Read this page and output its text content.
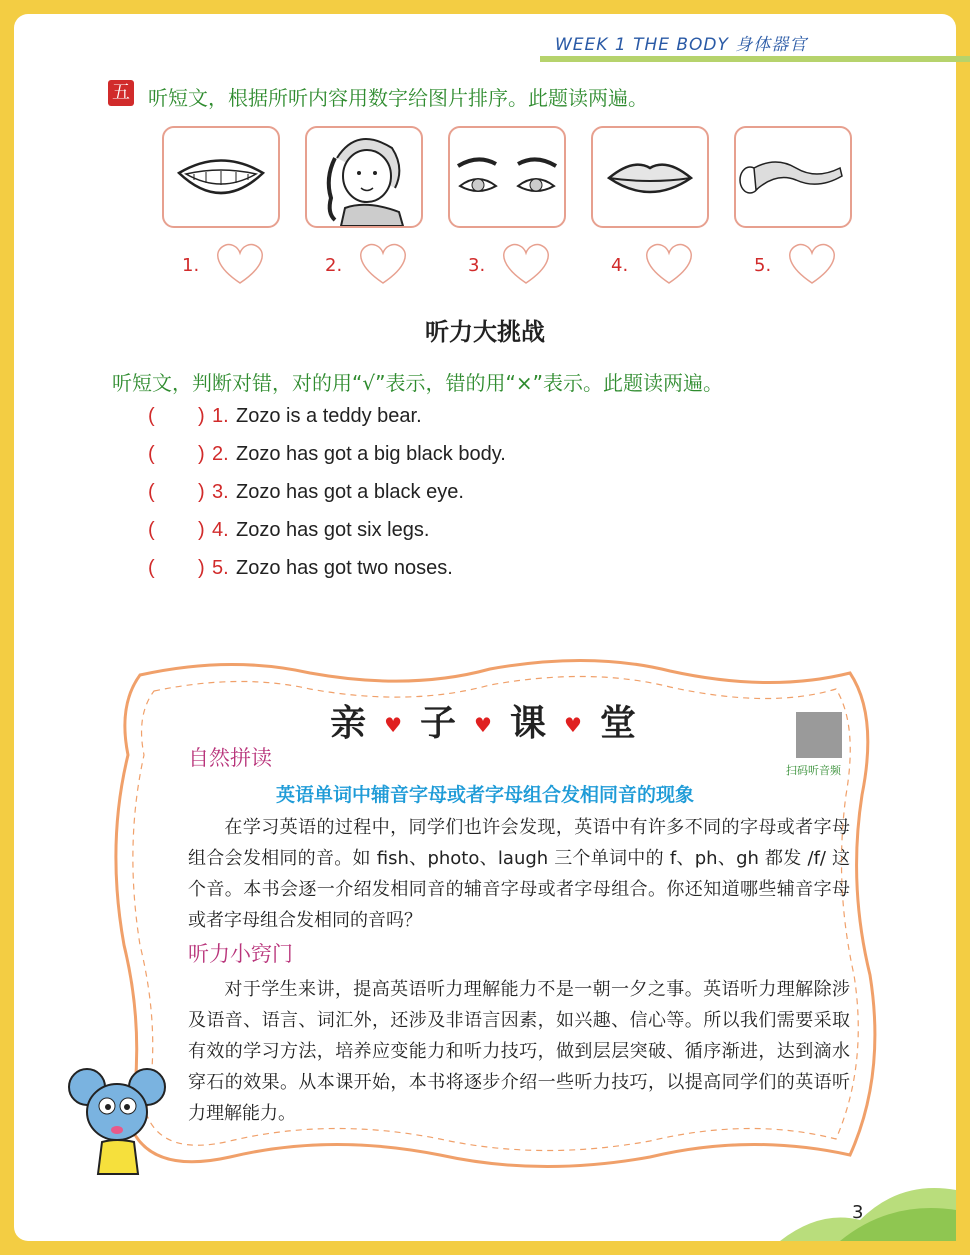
WEEK 1 THE BODY 身体器官
五 听短文，根据所听内容用数字给图片排序。此题读两遍。
1.	2.	3.	4.	5.
听力大挑战
听短文，判断对错，对的用“√”表示，错的用“×”表示。此题读两遍。
( ) 1. Zozo is a teddy bear.
( ) 2. Zozo has got a big black body.
( ) 3. Zozo has got a black eye.
( ) 4. Zozo has got six legs.
( ) 5. Zozo has got two noses.
亲 ♥ 子 ♥ 课 ♥ 堂
扫码听音频
自然拼读
英语单词中辅音字母或者字母组合发相同音的现象
在学习英语的过程中，同学们也许会发现，英语中有许多不同的字母或者字母组合会发相同的音。如 fish、photo、laugh 三个单词中的 f、ph、gh 都发 /f/ 这个音。本书会逐一介绍发相同音的辅音字母或者字母组合。你还知道哪些辅音字母或者字母组合发相同的音吗？
听力小窍门
对于学生来讲，提高英语听力理解能力不是一朝一夕之事。英语听力理解除涉及语音、语言、词汇外，还涉及非语言因素，如兴趣、信心等。所以我们需要采取有效的学习方法，培养应变能力和听力技巧，做到层层突破、循序渐进，达到滴水穿石的效果。从本课开始，本书将逐步介绍一些听力技巧，以提高同学们的英语听力理解能力。
3
